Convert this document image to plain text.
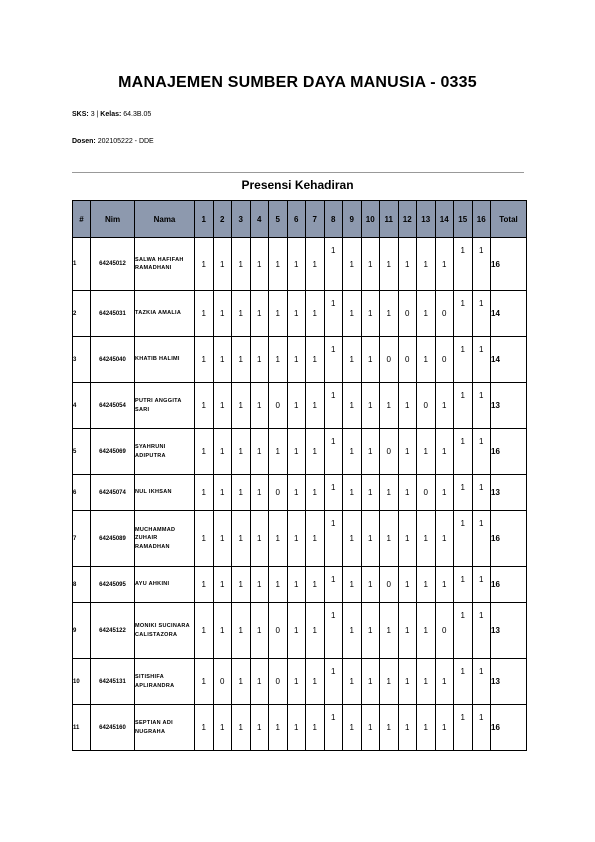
MANAJEMEN SUMBER DAYA MANUSIA - 0335
SKS: 3 | Kelas: 64.3B.05
Dosen: 202105222 - DDE
Presensi Kehadiran
#	Nim	Nama	1	2	3	4	5	6	7	8	9	10	11	12	13	14	15	16	Total
1	64245012	SALWA HAFIFAH RAMADHANI	1	1	1	1	1	1	1	1	1	1	1	1	1	1	1	1	16
2	64245031	TAZKIA AMALIA	1	1	1	1	1	1	1	1	1	1	1	0	1	0	1	1	14
3	64245040	KHATIB HALIMI	1	1	1	1	1	1	1	1	1	1	0	0	1	0	1	1	14
4	64245054	PUTRI ANGGITA SARI	1	1	1	1	0	1	1	1	1	1	1	1	0	1	1	1	13
5	64245069	SYAHRUNI ADIPUTRA	1	1	1	1	1	1	1	1	1	1	0	1	1	1	1	1	16
6	64245074	NUL IKHSAN	1	1	1	1	0	1	1	1	1	1	1	1	0	1	1	1	13
7	64245089	MUCHAMMAD ZUHAIR RAMADHAN	1	1	1	1	1	1	1	1	1	1	1	1	1	1	1	1	16
8	64245095	AYU AHKINI	1	1	1	1	1	1	1	1	1	1	0	1	1	1	1	1	16
9	64245122	MONIKI SUCINARA CALISTAZORA	1	1	1	1	0	1	1	1	1	1	1	1	1	0	1	1	13
10	64245131	SITISHIFA APLIRANDRA	1	0	1	1	0	1	1	1	1	1	1	1	1	1	1	1	13
11	64245160	SEPTIAN ADI NUGRAHA	1	1	1	1	1	1	1	1	1	1	1	1	1	1	1	1	16
